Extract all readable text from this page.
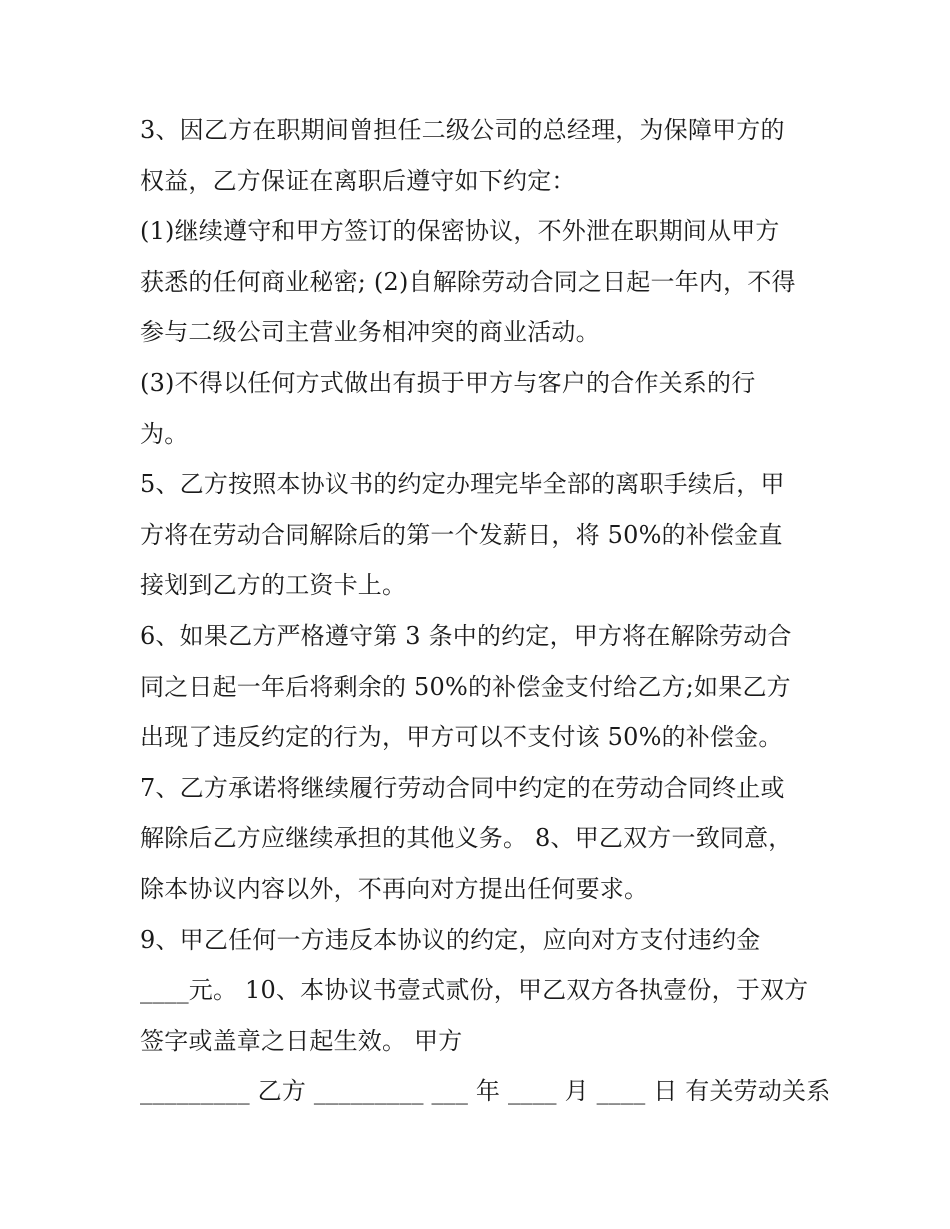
3、因乙方在职期间曾担任二级公司的总经理，为保障甲方的
权益，乙方保证在离职后遵守如下约定：
(1)继续遵守和甲方签订的保密协议，不外泄在职期间从甲方
获悉的任何商业秘密; (2)自解除劳动合同之日起一年内，不得
参与二级公司主营业务相冲突的商业活动。
(3)不得以任何方式做出有损于甲方与客户的合作关系的行
为。
5、乙方按照本协议书的约定办理完毕全部的离职手续后，甲
方将在劳动合同解除后的第一个发薪日，将 50%的补偿金直
接划到乙方的工资卡上。
6、如果乙方严格遵守第 3 条中的约定，甲方将在解除劳动合
同之日起一年后将剩余的 50%的补偿金支付给乙方;如果乙方
出现了违反约定的行为，甲方可以不支付该 50%的补偿金。
7、乙方承诺将继续履行劳动合同中约定的在劳动合同终止或
解除后乙方应继续承担的其他义务。 8、甲乙双方一致同意，
除本协议内容以外，不再向对方提出任何要求。
9、甲乙任何一方违反本协议的约定，应向对方支付违约金
____元。 10、本协议书壹式贰份，甲乙双方各执壹份，于双方
签字或盖章之日起生效。 甲方
_________ 乙方 _________ ___ 年 ____ 月 ____ 日 有关劳动关系
